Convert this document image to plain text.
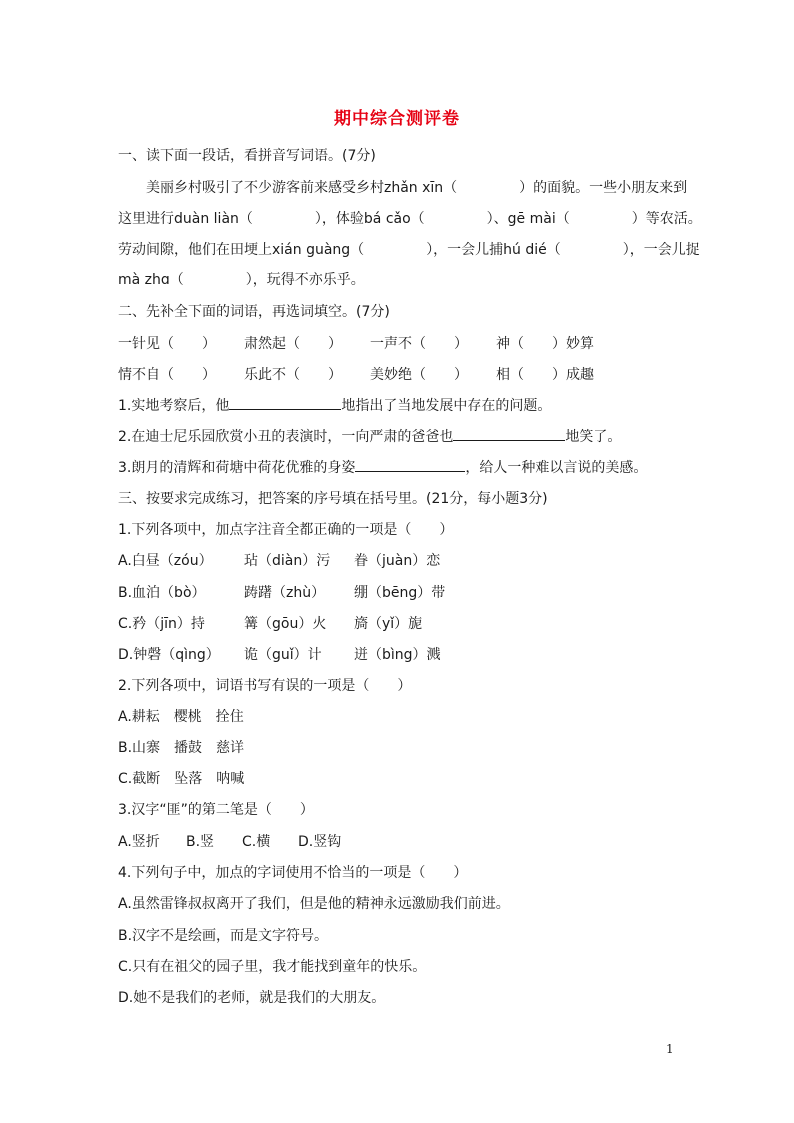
期中综合测评卷
一、读下面一段话，看拼音写词语。(7分)
美丽乡村吸引了不少游客前来感受乡村zhǎn xīn（	）的面貌。一些小朋友来到
这里进行duàn liàn（	），体验bá cǎo（	）、gē mài（	）等农活。
劳动间隙，他们在田埂上xián guàng（	），一会儿捕hú dié（	），一会儿捉
mà zhɑ（	），玩得不亦乐乎。
二、先补全下面的词语，再选词填空。(7分)
一针见（　　） 肃然起（　　） 一声不（　　） 神（　　）妙算
情不自（　　） 乐此不（　　） 美妙绝（　　） 相（　　）成趣
1.实地考察后，他	地指出了当地发展中存在的问题。
2.在迪士尼乐园欣赏小丑的表演时，一向严肃的爸爸也	地笑了。
3.朗月的清辉和荷塘中荷花优雅的身姿	，给人一种难以言说的美感。
三、按要求完成练习，把答案的序号填在括号里。(21分，每小题3分)
1.下列各项中，加点字注音全都正确的一项是（　　）
A.白昼（zóu） 玷（diàn）污 眷（juàn）恋
B.血泊（bò）	踌躇（zhù） 绷（bēng）带
C.矜（jīn）持	篝（gōu）火 旖（yǐ）旎
D.钟磬（qìng） 诡（guǐ）计 迸（bìng）溅
2.下列各项中，词语书写有误的一项是（　　）
A.耕耘　樱桃　拴住
B.山寨　播鼓　慈详
C.截断　坠落　呐喊
3.汉字“匪”的第二笔是（　　）
A.竖折 B.竖 C.横 D.竖钩
4.下列句子中，加点的字词使用不恰当的一项是（　　）
A.虽然雷锋叔叔离开了我们，但是他的精神永远激励我们前进。
B.汉字不是绘画，而是文字符号。
C.只有在祖父的园子里，我才能找到童年的快乐。
D.她不是我们的老师，就是我们的大朋友。
1
